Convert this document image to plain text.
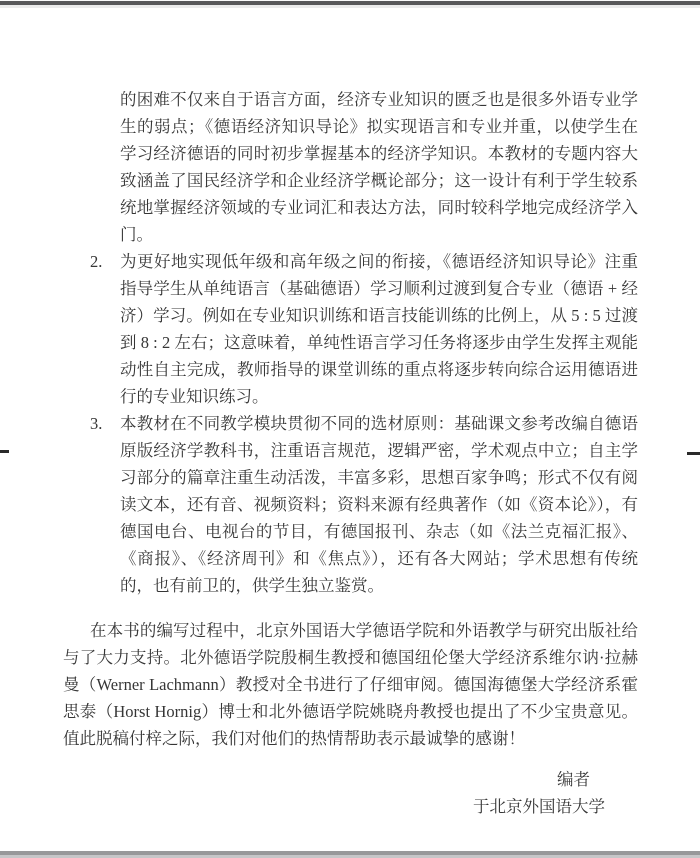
的困难不仅来自于语言方面，经济专业知识的匮乏也是很多外语专业学生的弱点；《德语经济知识导论》拟实现语言和专业并重，以使学生在学习经济德语的同时初步掌握基本的经济学知识。本教材的专题内容大致涵盖了国民经济学和企业经济学概论部分；这一设计有利于学生较系统地掌握经济领域的专业词汇和表达方法，同时较科学地完成经济学入门。

2. 为更好地实现低年级和高年级之间的衔接，《德语经济知识导论》注重指导学生从单纯语言（基础德语）学习顺利过渡到复合专业（德语 + 经济）学习。例如在专业知识训练和语言技能训练的比例上，从 5 : 5 过渡到 8 : 2 左右；这意味着，单纯性语言学习任务将逐步由学生发挥主观能动性自主完成，教师指导的课堂训练的重点将逐步转向综合运用德语进行的专业知识练习。
3. 本教材在不同教学模块贯彻不同的选材原则：基础课文参考改编自德语原版经济学教科书，注重语言规范，逻辑严密，学术观点中立；自主学习部分的篇章注重生动活泼，丰富多彩，思想百家争鸣；形式不仅有阅读文本，还有音、视频资料；资料来源有经典著作（如《资本论》），有德国电台、电视台的节目，有德国报刊、杂志（如《法兰克福汇报》、《商报》、《经济周刊》和《焦点》），还有各大网站；学术思想有传统的，也有前卫的，供学生独立鉴赏。

在本书的编写过程中，北京外国语大学德语学院和外语教学与研究出版社给与了大力支持。北外德语学院殷桐生教授和德国纽伦堡大学经济系维尔讷·拉赫曼（Werner Lachmann）教授对全书进行了仔细审阅。德国海德堡大学经济系霍思泰（Horst Hornig）博士和北外德语学院姚晓舟教授也提出了不少宝贵意见。值此脱稿付梓之际，我们对他们的热情帮助表示最诚挚的感谢！

编者
于北京外国语大学
